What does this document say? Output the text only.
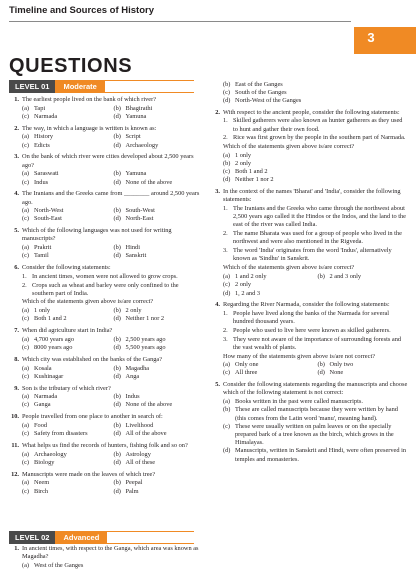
Timeline and Sources of History
3
QUESTIONS
LEVEL 01	Moderate
1. The earliest people lived on the bank of which river?
(a) Tapi	(b) Bhagirathi
(c) Narmada	(d) Yamuna
2. The way, in which a language is written is known as:
(a) History	(b) Script
(c) Edicts	(d) Archaeology
3. On the bank of which river were cities developed about 2,500 years ago?
(a) Saraswati	(b) Yamuna
(c) Indus	(d) None of the above
4. The Iranians and the Greeks came from ________ around 2,500 years ago.
(a) North-West	(b) South-West
(c) South-East	(d) North-East
5. Which of the following languages was not used for writing manuscripts?
(a) Prakrit	(b) Hindi
(c) Tamil	(d) Sanskrit
6. Consider the following statements:
1. In ancient times, women were not allowed to grow crops.
2. Crops such as wheat and barley were only confined to the southern part of India.
Which of the statements given above is/are correct?
(a) 1 only	(b) 2 only
(c) Both 1 and 2	(d) Neither 1 nor 2
7. When did agriculture start in India?
(a) 4,700 years ago	(b) 2,500 years ago
(c) 8000 years ago	(d) 5,500 years ago
8. Which city was established on the banks of the Ganga?
(a) Kosala	(b) Magadha
(c) Kushinagar	(d) Anga
9. Son is the tributary of which river?
(a) Narmada	(b) Indus
(c) Ganga	(d) None of the above
10. People travelled from one place to another in search of:
(a) Food	(b) Livelihood
(c) Safety from disasters	(d) All of the above
11. What helps us find the records of hunters, fishing folk and so on?
(a) Archaeology	(b) Astrology
(c) Biology	(d) All of these
12. Manuscripts were made on the leaves of which tree?
(a) Neem	(b) Peepal
(c) Birch	(d) Palm
LEVEL 02	Advanced
1. In ancient times, with respect to the Ganga, which area was known as Magadha?
(a) West of the Ganges
(b) East of the Ganges
(c) South of the Ganges
(d) North-West of the Ganges
2. With respect to the ancient people, consider the following statements:
1. Skilled gatherers were also known as hunter gatherers as they used to hunt and gather their own food.
2. Rice was first grown by the people in the southern part of Narmada.
Which of the statements given above is/are correct?
(a) 1 only
(b) 2 only
(c) Both 1 and 2
(d) Neither 1 nor 2
3. In the context of the names 'Bharat' and 'India', consider the following statements:
1. The Iranians and the Greeks who came through the northwest about 2,500 years ago called it the Hindos or the Indos, and the land to the east of the river was called India.
2. The name Bharata was used for a group of people who lived in the northwest and were also mentioned in the Rigveda.
3. The word 'India' originates from the word 'Indus', alternatively known as 'Sindhu' in Sanskrit.
Which of the statements given above is/are correct?
(a) 1 and 2 only	(b) 2 and 3 only
(c) 2 only
(d) 1, 2 and 3
4. Regarding the River Narmada, consider the following statements:
1. People have lived along the banks of the Narmada for several hundred thousand years.
2. People who used to live here were known as skilled gatherers.
3. They were not aware of the importance of surrounding forests and the vast wealth of plants.
How many of the statements given above is/are not correct?
(a) Only one	(b) Only two
(c) All three	(d) None
5. Consider the following statements regarding the manuscripts and choose which of the following statement is not correct:
(a) Books written in the past were called manuscripts.
(b) These are called manuscripts because they were written by hand (this comes from the Latin word 'manu', meaning hand).
(c) These were usually written on palm leaves or on the specially prepared bark of a tree known as the birch, which grows in the Himalayas.
(d) Manuscripts, written in Sanskrit and Hindi, were often preserved in temples and monasteries.
